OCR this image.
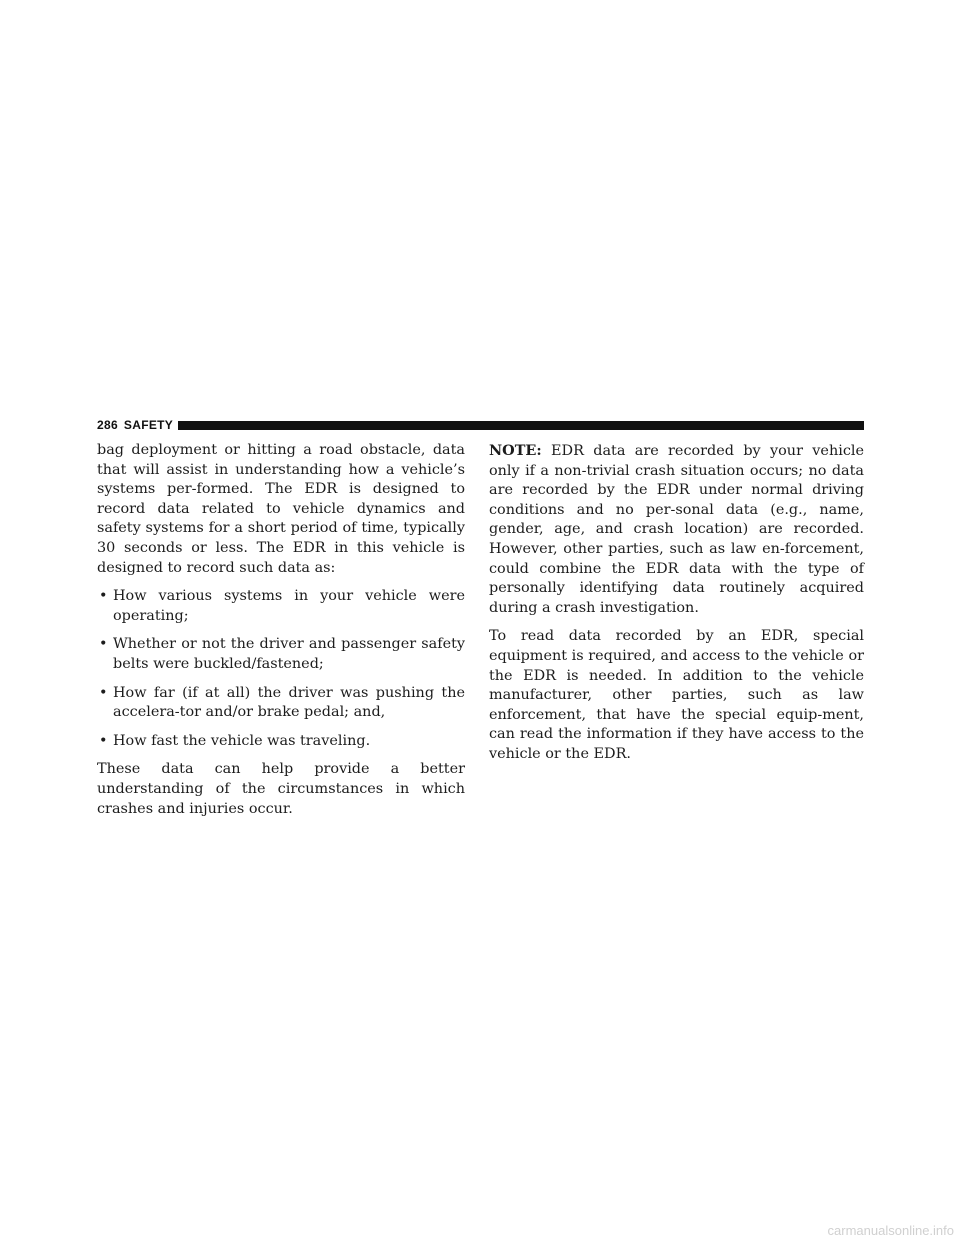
286 SAFETY

bag deployment or hitting a road obstacle, data that will assist in understanding how a vehicle’s systems per-formed. The EDR is designed to record data related to vehicle dynamics and safety systems for a short period of time, typically 30 seconds or less. The EDR in this vehicle is designed to record such data as:

• How various systems in your vehicle were operating;
• Whether or not the driver and passenger safety belts were buckled/fastened;
• How far (if at all) the driver was pushing the accelera-tor and/or brake pedal; and,
• How fast the vehicle was traveling.

These data can help provide a better understanding of the circumstances in which crashes and injuries occur.

NOTE: EDR data are recorded by your vehicle only if a non-trivial crash situation occurs; no data are recorded by the EDR under normal driving conditions and no per-sonal data (e.g., name, gender, age, and crash location) are recorded. However, other parties, such as law en-forcement, could combine the EDR data with the type of personally identifying data routinely acquired during a crash investigation.

To read data recorded by an EDR, special equipment is required, and access to the vehicle or the EDR is needed. In addition to the vehicle manufacturer, other parties, such as law enforcement, that have the special equip-ment, can read the information if they have access to the vehicle or the EDR.

carmanualsonline.info
